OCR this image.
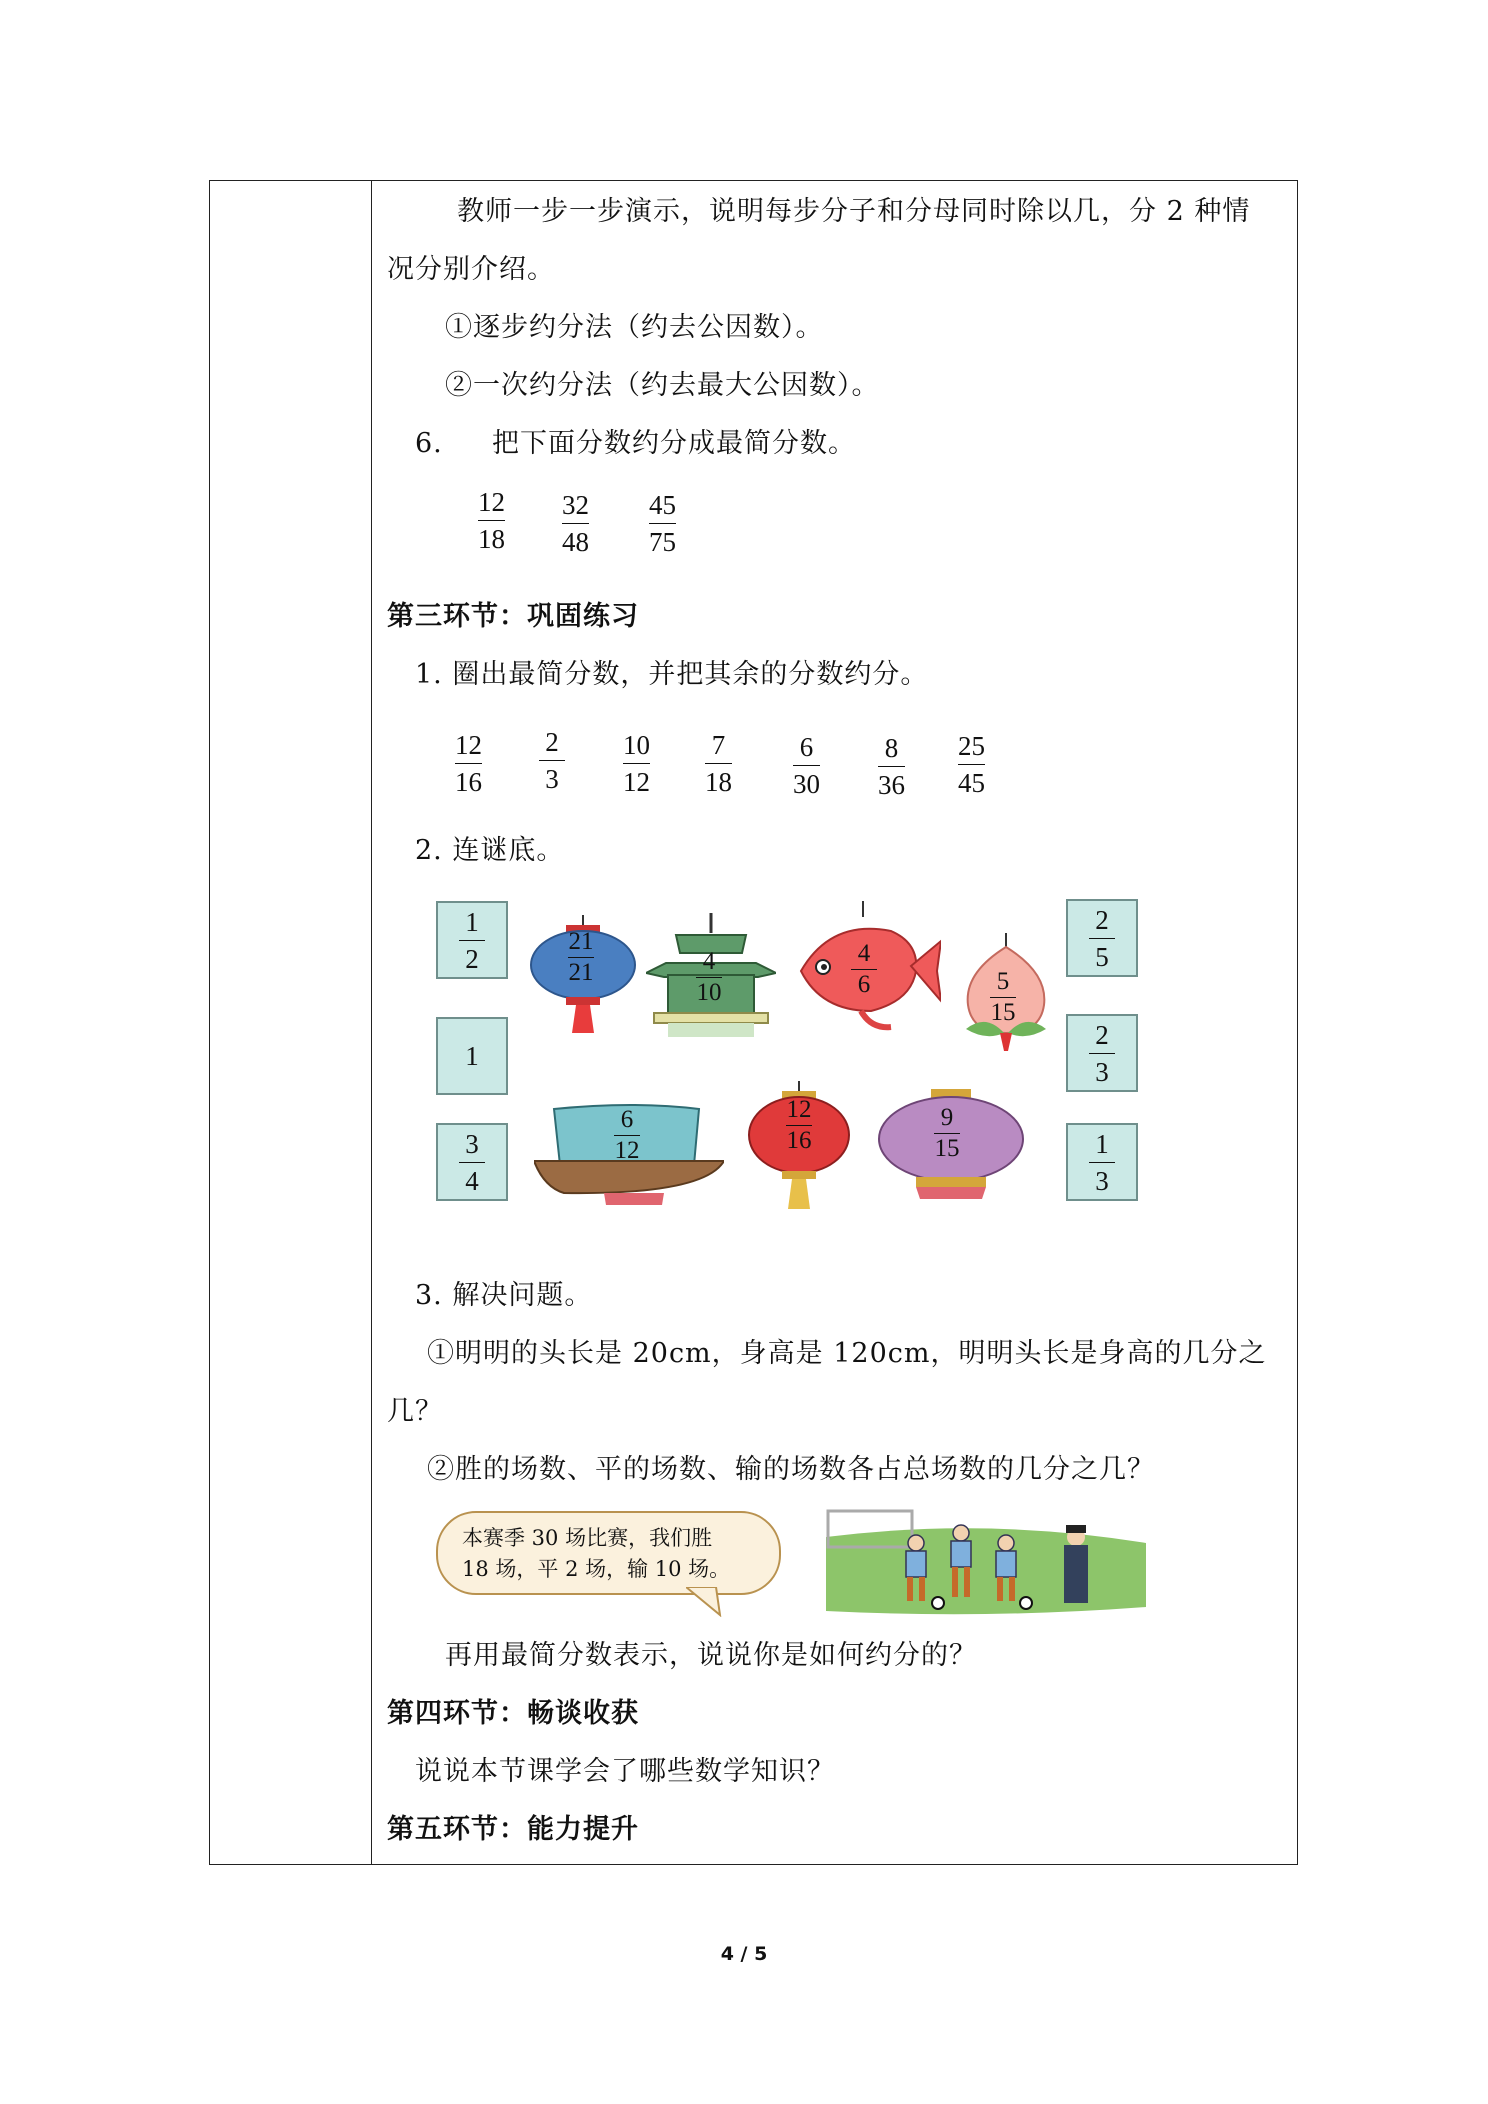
教师一步一步演示，说明每步分子和分母同时除以几，分 2 种情
况分别介绍。
①逐步约分法（约去公因数）。
②一次约分法（约去最大公因数）。
6. 把下面分数约分成最简分数。
12
18
32
48
45
75
第三环节：巩固练习
1. 圈出最简分数，并把其余的分数约分。
12
16
2
3
10
12
7
18
6
30
8
36
25
45
2. 连谜底。
$\frac{1}{2}$
1
$\frac{3}{4}$
$\frac{2}{5}$
$\frac{2}{3}$
$\frac{1}{3}$
21
21	4
10
4
6	5
15
6
12
12
16
9
15
3. 解决问题。
①明明的头长是 20cm，身高是 120cm，明明头长是身高的几分之
几？
②胜的场数、平的场数、输的场数各占总场数的几分之几？
本赛季 30 场比赛，我们胜
18 场，平 2 场，输 10 场。
再用最简分数表示，说说你是如何约分的？
第四环节：畅谈收获
说说本节课学会了哪些数学知识？
第五环节：能力提升
4 / 5
